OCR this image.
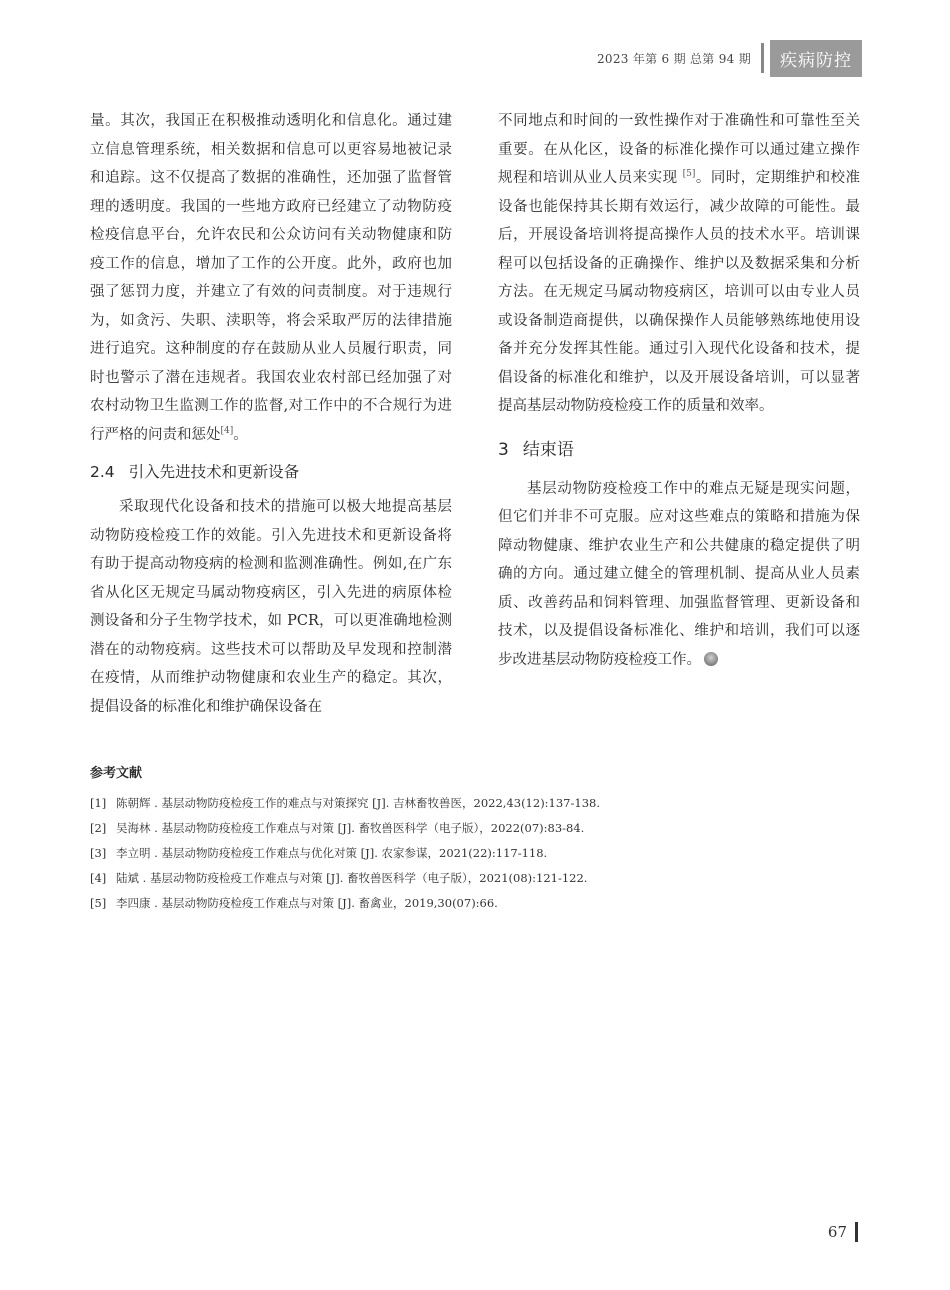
2023 年第 6 期 总第 94 期	疾病防控

量。其次，我国正在积极推动透明化和信息化。通过建立信息管理系统，相关数据和信息可以更容易地被记录和追踪。这不仅提高了数据的准确性，还加强了监督管理的透明度。我国的一些地方政府已经建立了动物防疫检疫信息平台，允许农民和公众访问有关动物健康和防疫工作的信息，增加了工作的公开度。此外，政府也加强了惩罚力度，并建立了有效的问责制度。对于违规行为，如贪污、失职、渎职等，将会采取严厉的法律措施进行追究。这种制度的存在鼓励从业人员履行职责，同时也警示了潜在违规者。我国农业农村部已经加强了对农村动物卫生监测工作的监督,对工作中的不合规行为进行严格的问责和惩处[4]。

2.4 引入先进技术和更新设备

采取现代化设备和技术的措施可以极大地提高基层动物防疫检疫工作的效能。引入先进技术和更新设备将有助于提高动物疫病的检测和监测准确性。例如,在广东省从化区无规定马属动物疫病区，引入先进的病原体检测设备和分子生物学技术，如 PCR，可以更准确地检测潜在的动物疫病。这些技术可以帮助及早发现和控制潜在疫情，从而维护动物健康和农业生产的稳定。其次，提倡设备的标准化和维护确保设备在

不同地点和时间的一致性操作对于准确性和可靠性至关重要。在从化区，设备的标准化操作可以通过建立操作规程和培训从业人员来实现 [5]。同时，定期维护和校准设备也能保持其长期有效运行，减少故障的可能性。最后，开展设备培训将提高操作人员的技术水平。培训课程可以包括设备的正确操作、维护以及数据采集和分析方法。在无规定马属动物疫病区，培训可以由专业人员或设备制造商提供，以确保操作人员能够熟练地使用设备并充分发挥其性能。通过引入现代化设备和技术，提倡设备的标准化和维护，以及开展设备培训，可以显著提高基层动物防疫检疫工作的质量和效率。

3 结束语

基层动物防疫检疫工作中的难点无疑是现实问题，但它们并非不可克服。应对这些难点的策略和措施为保障动物健康、维护农业生产和公共健康的稳定提供了明确的方向。通过建立健全的管理机制、提高从业人员素质、改善药品和饲料管理、加强监督管理、更新设备和技术，以及提倡设备标准化、维护和培训，我们可以逐步改进基层动物防疫检疫工作。

参考文献
[1] 陈朝辉 . 基层动物防疫检疫工作的难点与对策探究 [J]. 吉林畜牧兽医，2022,43(12):137-138.
[2] 吴海林 . 基层动物防疫检疫工作难点与对策 [J]. 畜牧兽医科学（电子版），2022(07):83-84.
[3] 李立明 . 基层动物防疫检疫工作难点与优化对策 [J]. 农家参谋，2021(22):117-118.
[4] 陆斌 . 基层动物防疫检疫工作难点与对策 [J]. 畜牧兽医科学（电子版），2021(08):121-122.
[5] 李四康 . 基层动物防疫检疫工作难点与对策 [J]. 畜禽业，2019,30(07):66.
67
